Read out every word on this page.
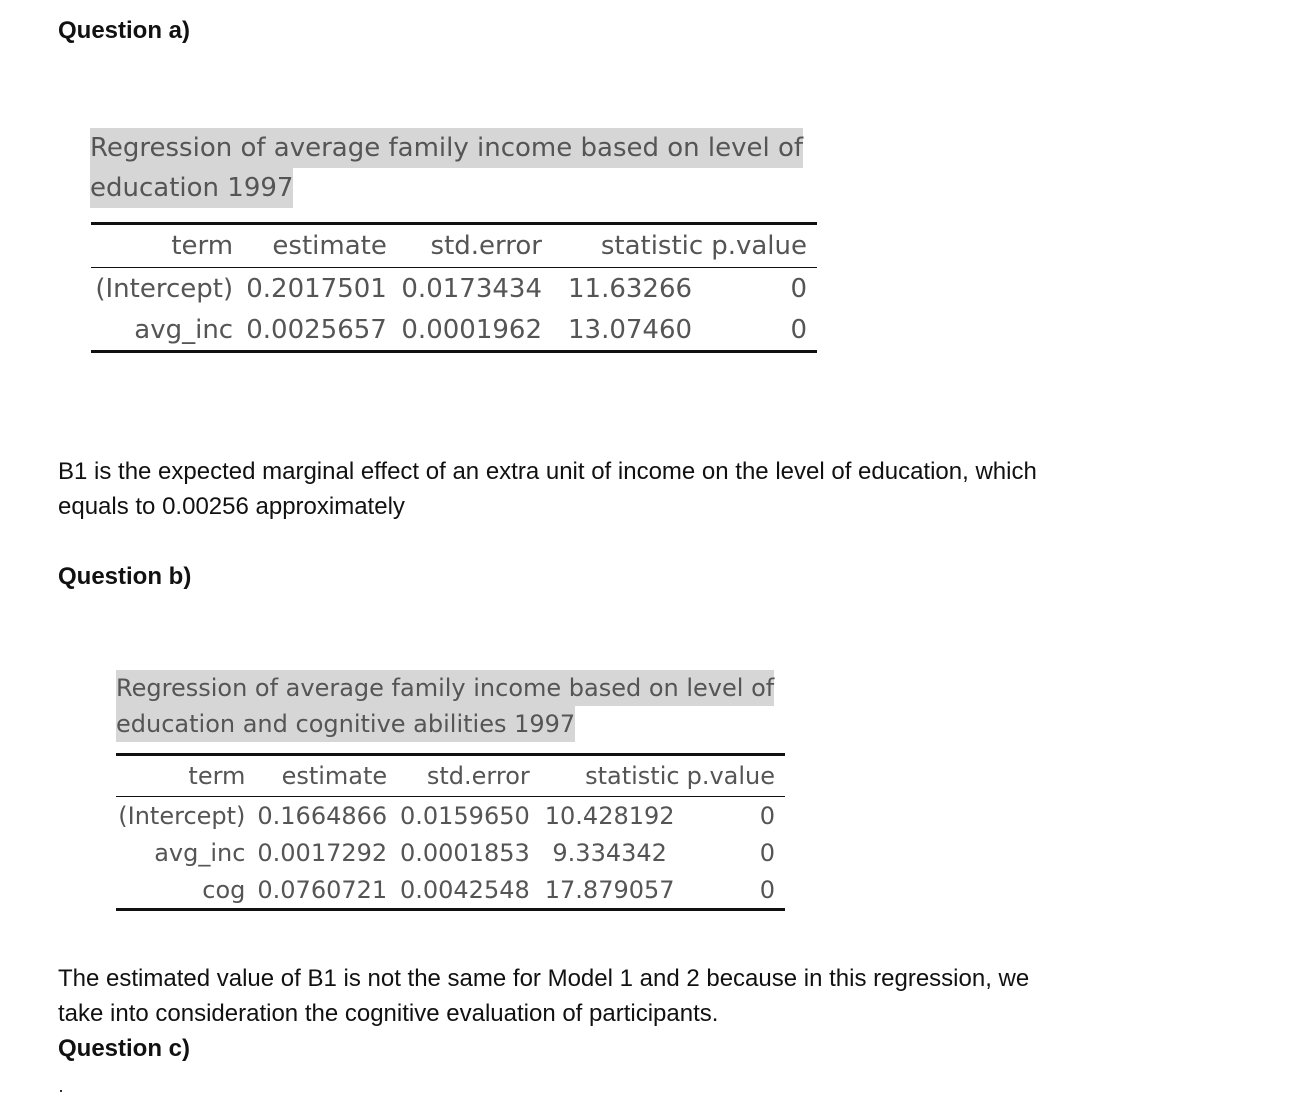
Question a)
Regression of average family income based on level of
education 1997
term	estimate	std.error	statistic	p.value
(Intercept)	0.2017501	0.0173434	11.63266	0
avg_inc	0.0025657	0.0001962	13.07460	0
B1 is the expected marginal effect of an extra unit of income on the level of education, which
equals to 0.00256 approximately
Question b)
Regression of average family income based on level of
education and cognitive abilities 1997
term	estimate	std.error	statistic	p.value
(Intercept)	0.1664866	0.0159650	10.428192	0
avg_inc	0.0017292	0.0001853	9.334342	0
cog	0.0760721	0.0042548	17.879057	0
The estimated value of B1 is not the same for Model 1 and 2 because in this regression, we
take into consideration the cognitive evaluation of participants.
Question c)
